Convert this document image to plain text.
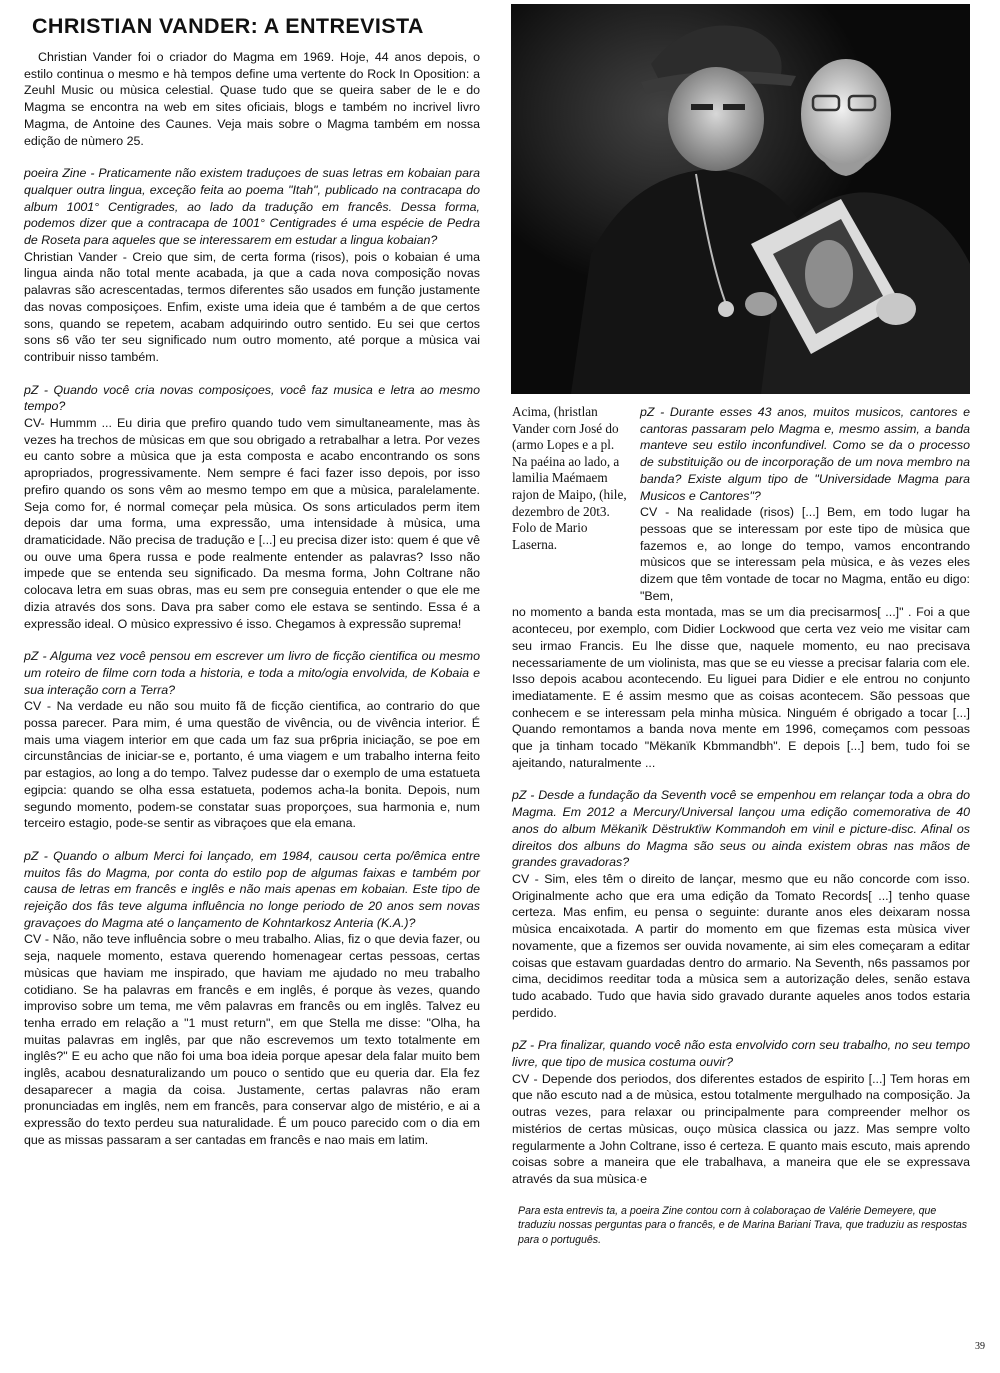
CHRISTIAN VANDER: A ENTREVISTA

Christian Vander foi o criador do Magma em 1969. Hoje, 44 anos depois, o estilo continua o mesmo e hà tempos define uma vertente do Rock In Oposition: a Zeuhl Music ou mùsica celestial. Quase tudo que se queira saber de le e do Magma se encontra na web em sites oficiais, blogs e também no incrivel livro Magma, de Antoine des Caunes. Veja mais sobre o Magma também em nossa edição de nùmero 25.

poeira Zine - Praticamente não existem traduçoes de suas letras em kobaian para qualquer outra lingua, exceção feita ao poema "Itah", publicado na contracapa do album 1001° Centigrades, ao lado da tradução em francês. Dessa forma, podemos dizer que a contracapa de 1001° Centigrades é uma espécie de Pedra de Roseta para aqueles que se interessarem em estudar a lingua kobaian?

Christian Vander - Creio que sim, de certa forma (risos), pois o kobaian é uma lingua ainda não total mente acabada, ja que a cada nova composição novas palavras são acrescentadas, termos diferentes são usados em função justamente das novas composiçoes. Enfim, existe uma ideia que é também a de que certos sons, quando se repetem, acabam adquirindo outro sentido. Eu sei que certos sons s6 vão ter seu significado num outro momento, até porque a mùsica vai contribuir nisso também.

pZ - Quando você cria novas composiçoes, você faz musica e letra ao mesmo tempo?

CV- Hummm ... Eu diria que prefiro quando tudo vem simultaneamente, mas às vezes ha trechos de mùsicas em que sou obrigado a retrabalhar a letra. Por vezes eu canto sobre a mùsica que ja esta composta e acabo encontrando os sons apropriados, progressivamente. Nem sempre é faci fazer isso depois, por isso prefiro quando os sons vêm ao mesmo tempo em que a mùsica, paralelamente. Seja como for, é normal começar pela mùsica. Os sons articulados perm item depois dar uma forma, uma expressão, uma intensidade à mùsica, uma dramaticidade. Não precisa de tradução e [...] eu precisa dizer isto: quem é que vê ou ouve uma 6pera russa e pode realmente entender as palavras? Isso não impede que se entenda seu significado. Da mesma forma, John Coltrane não colocava letra em suas obras, mas eu sem pre conseguia entender o que ele me dizia através dos sons. Dava pra saber como ele estava se sentindo. Essa é a expressão ideal. O mùsico expressivo é isso. Chegamos à expressão suprema!

pZ - Alguma vez você pensou em escrever um livro de ficção cientifica ou mesmo um roteiro de filme corn toda a historia, e toda a mito/ogia envolvida, de Kobaia e sua interação corn a Terra?

CV - Na verdade eu não sou muito fã de ficção cientifica, ao contrario do que possa parecer. Para mim, é uma questão de vivência, ou de vivência interior. É mais uma viagem interior em que cada um faz sua pr6pria iniciação, se poe em circunstâncias de iniciar-se e, portanto, é uma viagem e um trabalho interna feito par estagios, ao long a do tempo. Talvez pudesse dar o exemplo de uma estatueta egipcia: quando se olha essa estatueta, podemos acha-la bonita. Depois, num segundo momento, podem-se constatar suas proporçoes, sua harmonia e, num terceiro estagio, pode-se sentir as vibraçoes que ela emana.

pZ - Quando o album Merci foi lançado, em 1984, causou certa po/êmica entre muitos fâs do Magma, por conta do estilo pop de algumas faixas e também por causa de letras em francês e inglês e não mais apenas em kobaian. Este tipo de rejeição dos fâs teve alguma influência no longe periodo de 20 anos sem novas gravaçoes do Magma até o lançamento de Kohntarkosz Anteria (K.A.)?

CV - Não, não teve influência sobre o meu trabalho. Alias, fiz o que devia fazer, ou seja, naquele momento, estava querendo homenagear certas pessoas, certas mùsicas que haviam me inspirado, que haviam me ajudado no meu trabalho cotidiano. Se ha palavras em francês e em inglês, é porque às vezes, quando improviso sobre um tema, me vêm palavras em francês ou em inglês. Talvez eu tenha errado em relação a "1 must return", em que Stella me disse: "Olha, ha muitas palavras em inglês, par que não escrevemos um texto totalmente em inglês?" E eu acho que não foi uma boa ideia porque apesar dela falar muito bem inglês, acabou desnaturalizando um pouco o sentido que eu queria dar. Ela fez desaparecer a magia da coisa. Justamente, certas palavras não eram pronunciadas em inglês, nem em francês, para conservar algo de mistério, e ai a expressão do texto perdeu sua naturalidade. É um pouco parecido com o dia em que as missas passaram a ser cantadas em francês e nao mais em latim.

Acima, (hristlan Vander corn José do (armo Lopes e a pl. Na paéina ao lado, a lamilia Maémaem rajon de Maipo, (hile, dezembro de 20t3. Folo de Mario Laserna.

pZ - Durante esses 43 anos, muitos musicos, cantores e cantoras passaram pelo Magma e, mesmo assim, a banda manteve seu estilo inconfundivel. Como se da o processo de substituição ou de incorporação de um nova membro na banda? Existe algum tipo de "Universidade Magma para Musicos e Cantores"?

CV - Na realidade (risos) [...] Bem, em todo lugar ha pessoas que se interessam por este tipo de mùsica que fazemos e, ao longe do tempo, vamos encontrando mùsicos que se interessam pela mùsica, e às vezes eles dizem que têm vontade de tocar no Magma, então eu digo: "Bem,

no momento a banda esta montada, mas se um dia precisarmos[ ...]" . Foi a que aconteceu, por exemplo, com Didier Lockwood que certa vez veio me visitar cam seu irmao Francis. Eu lhe disse que, naquele momento, eu nao precisava necessariamente de um violinista, mas que se eu viesse a precisar falaria com ele. Isso depois acabou acontecendo. Eu liguei para Didier e ele entrou no conjunto imediatamente. E é assim mesmo que as coisas acontecem. São pessoas que conhecem e se interessam pela minha mùsica. Ninguém é obrigado a tocar [...] Quando remontamos a banda nova mente em 1996, começamos com pessoas que ja tinham tocado "Mëkanïk Kbmmandbh". E depois [...] bem, tudo foi se ajeitando, naturalmente ...

pZ - Desde a fundação da Seventh você se empenhou em relançar toda a obra do Magma. Em 2012 a Mercury/Universal lançou uma edição comemorativa de 40 anos do album Mëkanïk Dëstruktïw Kommandoh em vinil e picture-disc. Afinal os direitos dos albuns do Magma são seus ou ainda existem obras nas mãos de grandes gravadoras?

CV - Sim, eles têm o direito de lançar, mesmo que eu não concorde com isso. Originalmente acho que era uma edição da Tomato Records[ ...] tenho quase certeza. Mas enfim, eu pensa o seguinte: durante anos eles deixaram nossa mùsica encaixotada. A partir do momento em que fizemas esta mùsica viver novamente, que a fizemos ser ouvida novamente, ai sim eles começaram a editar coisas que estavam guardadas dentro do armario. Na Seventh, n6s passamos por cima, decidimos reeditar toda a mùsica sem a autorização deles, senão estava tudo acabado. Tudo que havia sido gravado durante aqueles anos todos estaria perdido.

pZ - Pra finalizar, quando você não esta envolvido corn seu trabalho, no seu tempo livre, que tipo de musica costuma ouvir?

CV - Depende dos periodos, dos diferentes estados de espirito [...] Tem horas em que não escuto nad a de mùsica, estou totalmente mergulhado na composição. Ja outras vezes, para relaxar ou principalmente para compreender melhor os mistérios de certas mùsicas, ouço mùsica classica ou jazz. Mas sempre volto regularmente a John Coltrane, isso é certeza. E quanto mais escuto, mais aprendo coisas sobre a maneira que ele trabalhava, a maneira que ele se expressava através da sua mùsica·e

Para esta entrevis ta, a poeira Zine contou corn à colaboraçao de Valérie Demeyere, que traduziu nossas perguntas para o francês, e de Marina Bariani Trava, que traduziu as respostas para o português.

39
